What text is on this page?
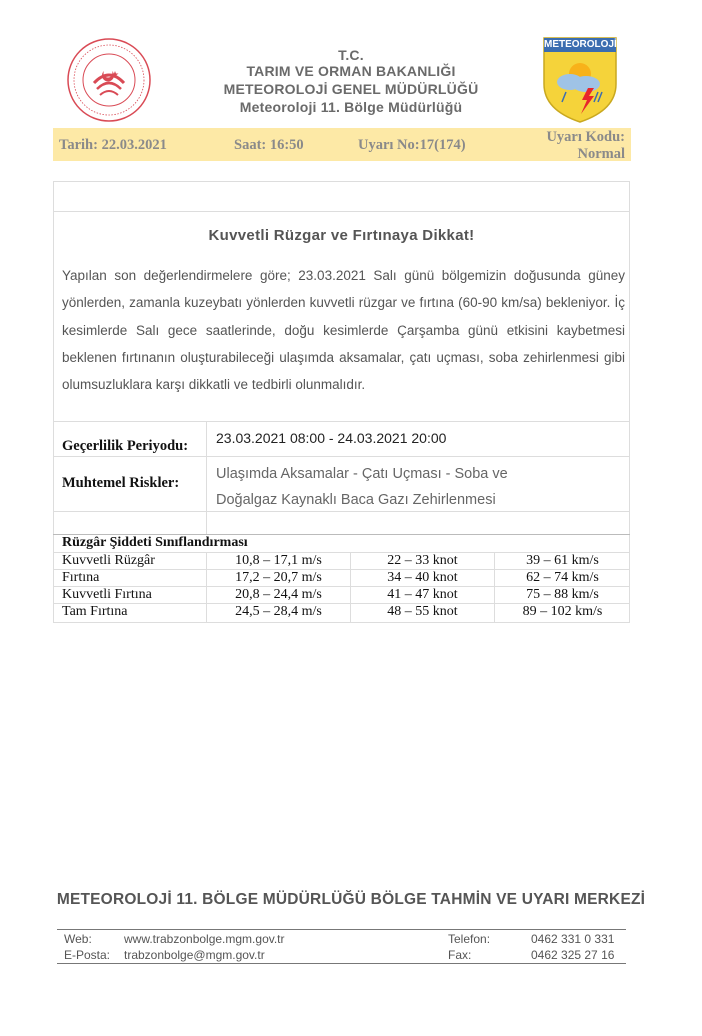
METEOROLOJİ
T.C.
TARIM VE ORMAN BAKANLIĞI
METEOROLOJİ GENEL MÜDÜRLÜĞÜ
Meteoroloji 11. Bölge Müdürlüğü
Tarih: 22.03.2021	Saat: 16:50	Uyarı No:17(174)	Uyarı Kodu:
Normal
Kuvvetli Rüzgar ve Fırtınaya Dikkat!
Yapılan son değerlendirmelere göre; 23.03.2021 Salı günü bölgemizin doğusunda güney yönlerden, zamanla kuzeybatı yönlerden kuvvetli rüzgar ve fırtına (60-90 km/sa) bekleniyor. İç kesimlerde Salı gece saatlerinde, doğu kesimlerde Çarşamba günü etkisini kaybetmesi beklenen fırtınanın oluşturabileceği ulaşımda aksamalar, çatı uçması, soba zehirlenmesi gibi olumsuzluklara karşı dikkatli ve tedbirli olunmalıdır.
Geçerlilik Periyodu: 23.03.2021 08:00 - 24.03.2021 20:00
Muhtemel Riskler:
Ulaşımda Aksamalar - Çatı Uçması - Soba ve
Doğalgaz Kaynaklı Baca Gazı Zehirlenmesi
Rüzgâr Şiddeti Sınıflandırması
Kuvvetli Rüzgâr	10,8 – 17,1 m/s	22 – 33 knot	39 – 61 km/s
Fırtına	17,2 – 20,7 m/s	34 – 40 knot	62 – 74 km/s
Kuvvetli Fırtına	20,8 – 24,4 m/s	41 – 47 knot	75 – 88 km/s
Tam Fırtına	24,5 – 28,4 m/s	48 – 55 knot	89 – 102 km/s
METEOROLOJİ 11. BÖLGE MÜDÜRLÜĞÜ BÖLGE TAHMİN VE UYARI MERKEZİ
Web:	www.trabzonbolge.mgm.gov.tr	Telefon:	0462 331 0 331
E-Posta: trabzonbolge@mgm.gov.tr	Fax:	0462 325 27 16
